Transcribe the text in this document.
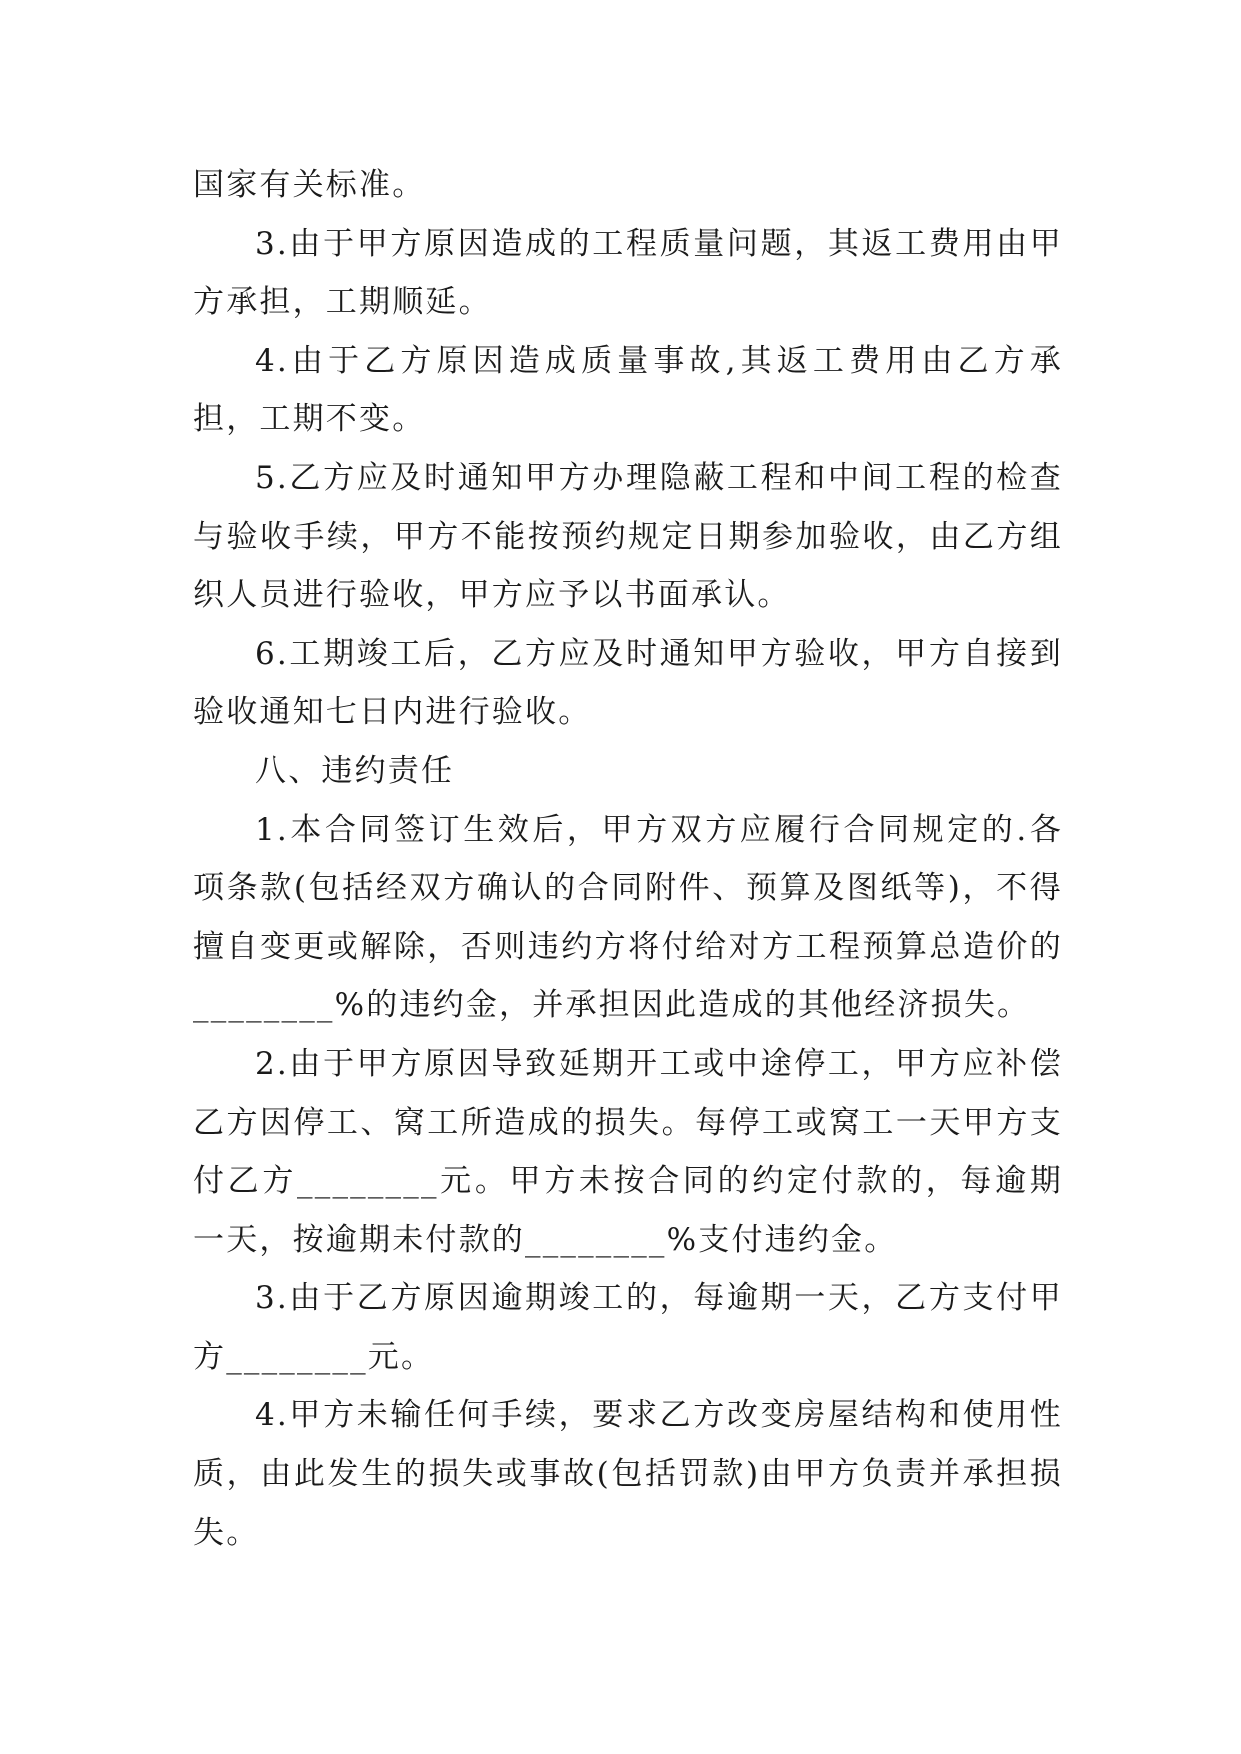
国家有关标准。

3.由于甲方原因造成的工程质量问题，其返工费用由甲方承担，工期顺延。

4.由于乙方原因造成质量事故,其返工费用由乙方承担，工期不变。

5.乙方应及时通知甲方办理隐蔽工程和中间工程的检查与验收手续，甲方不能按预约规定日期参加验收，由乙方组织人员进行验收，甲方应予以书面承认。

6.工期竣工后，乙方应及时通知甲方验收，甲方自接到验收通知七日内进行验收。

八、违约责任

1.本合同签订生效后，甲方双方应履行合同规定的.各项条款(包括经双方确认的合同附件、预算及图纸等)，不得擅自变更或解除，否则违约方将付给对方工程预算总造价的________%的违约金，并承担因此造成的其他经济损失。

2.由于甲方原因导致延期开工或中途停工，甲方应补偿乙方因停工、窝工所造成的损失。每停工或窝工一天甲方支付乙方________元。甲方未按合同的约定付款的，每逾期一天，按逾期未付款的________%支付违约金。

3.由于乙方原因逾期竣工的，每逾期一天，乙方支付甲方________元。

4.甲方未输任何手续，要求乙方改变房屋结构和使用性质，由此发生的损失或事故(包括罚款)由甲方负责并承担损失。
